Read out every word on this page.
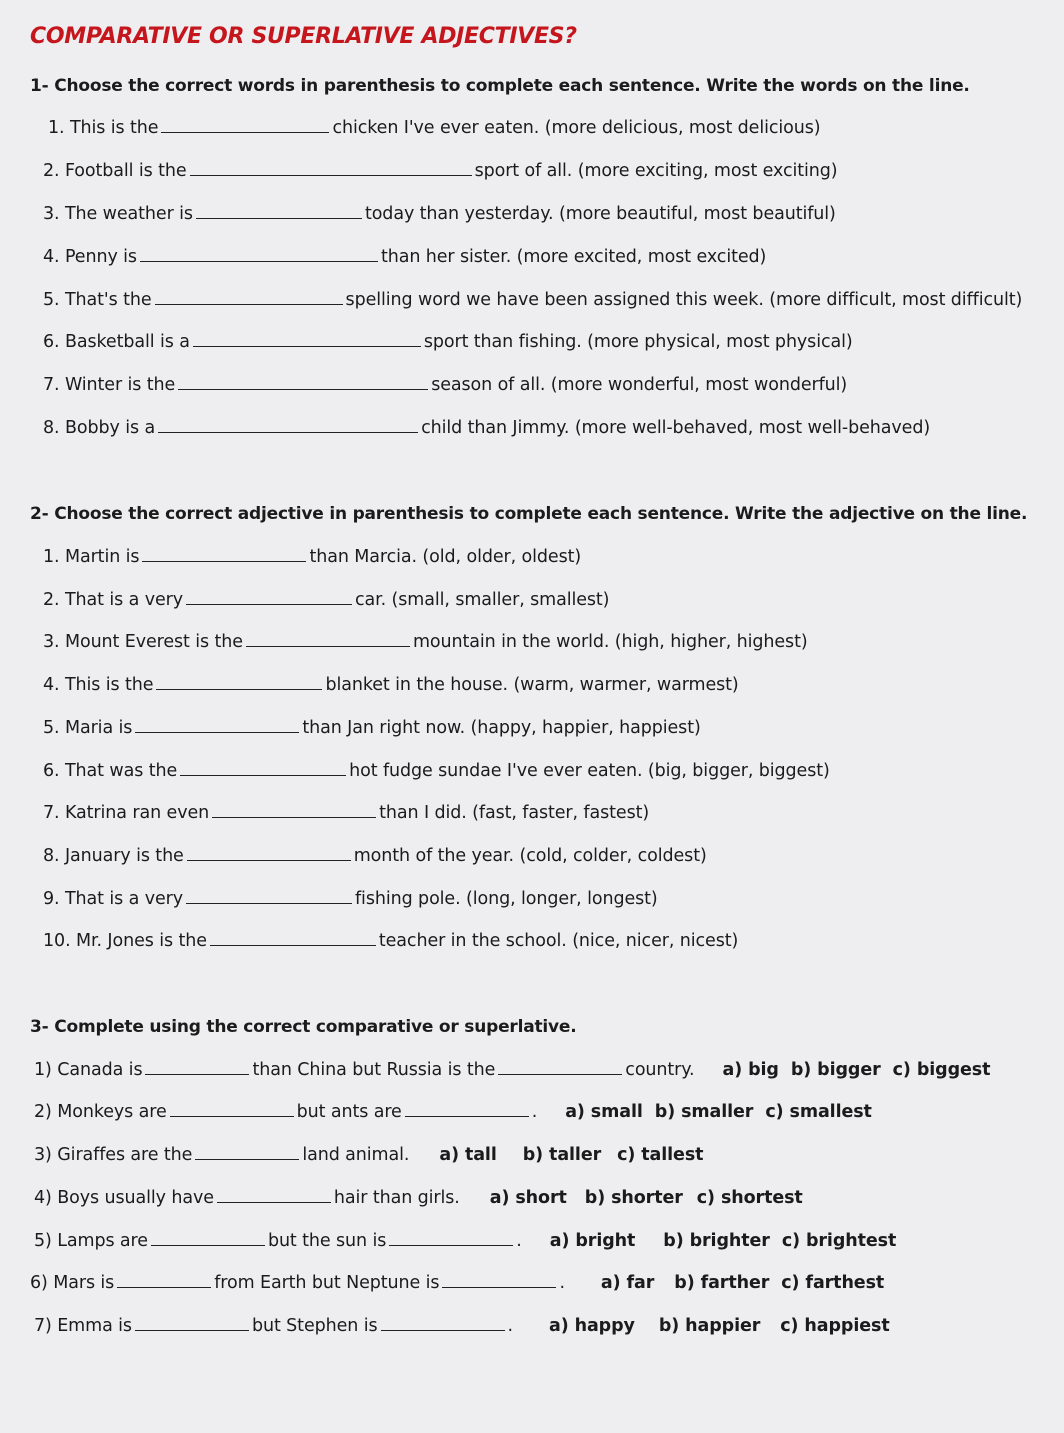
COMPARATIVE OR SUPERLATIVE ADJECTIVES?
1- Choose the correct words in parenthesis to complete each sentence. Write the words on the line.
1. This is the	chicken I've ever eaten. (more delicious, most delicious)
2. Football is the	sport of all. (more exciting, most exciting)
3. The weather is	today than yesterday. (more beautiful, most beautiful)
4. Penny is	than her sister. (more excited, most excited)
5. That's the	spelling word we have been assigned this week. (more difficult, most difficult)
6. Basketball is a	sport than fishing. (more physical, most physical)
7. Winter is the	season of all. (more wonderful, most wonderful)
8. Bobby is a	child than Jimmy. (more well-behaved, most well-behaved)
2- Choose the correct adjective in parenthesis to complete each sentence. Write the adjective on the line.
1. Martin is	than Marcia. (old, older, oldest)
2. That is a very	car. (small, smaller, smallest)
3. Mount Everest is the	mountain in the world. (high, higher, highest)
4. This is the	blanket in the house. (warm, warmer, warmest)
5. Maria is	than Jan right now. (happy, happier, happiest)
6. That was the	hot fudge sundae I've ever eaten. (big, bigger, biggest)
7. Katrina ran even	than I did. (fast, faster, fastest)
8. January is the	month of the year. (cold, colder, coldest)
9. That is a very	fishing pole. (long, longer, longest)
10. Mr. Jones is the	teacher in the school. (nice, nicer, nicest)
3- Complete using the correct comparative or superlative.
1) Canada is	than China but Russia is the	country. a) big b) bigger c) biggest
2) Monkeys are	but ants are	. a) small b) smaller c) smallest
3) Giraffes are the	land animal. a) tall b) taller c) tallest
4) Boys usually have	hair than girls. a) short b) shorter c) shortest
5) Lamps are	but the sun is	. a) bright b) brighter c) brightest
6) Mars is	from Earth but Neptune is	. a) far b) farther c) farthest
7) Emma is	but Stephen is	. a) happy b) happier c) happiest
